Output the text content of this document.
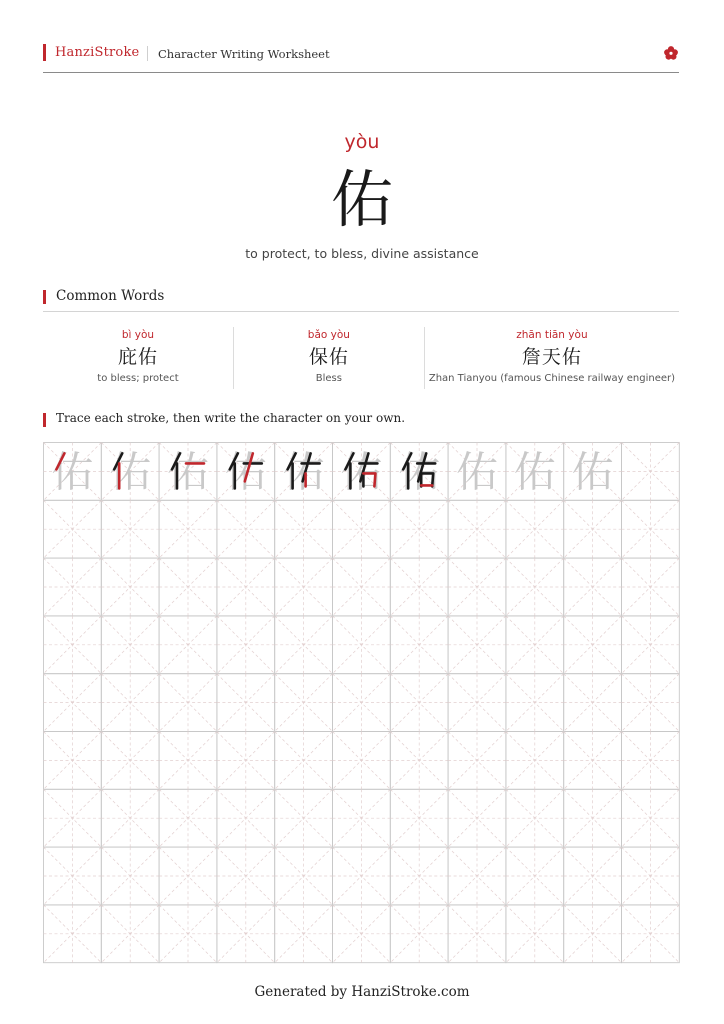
HanziStroke Character Writing Worksheet
yòu
佑
to protect, to bless, divine assistance
Common Words
bì yòu
庇佑
to bless; protect
bǎo yòu
保佑
Bless
zhān tiān yòu
詹天佑
Zhan Tianyou (famous Chinese railway engineer)
Trace each stroke, then write the character on your own.
佑 佑 佑 佑 佑 佑 佑 佑 佑 佑
Generated by HanziStroke.com
